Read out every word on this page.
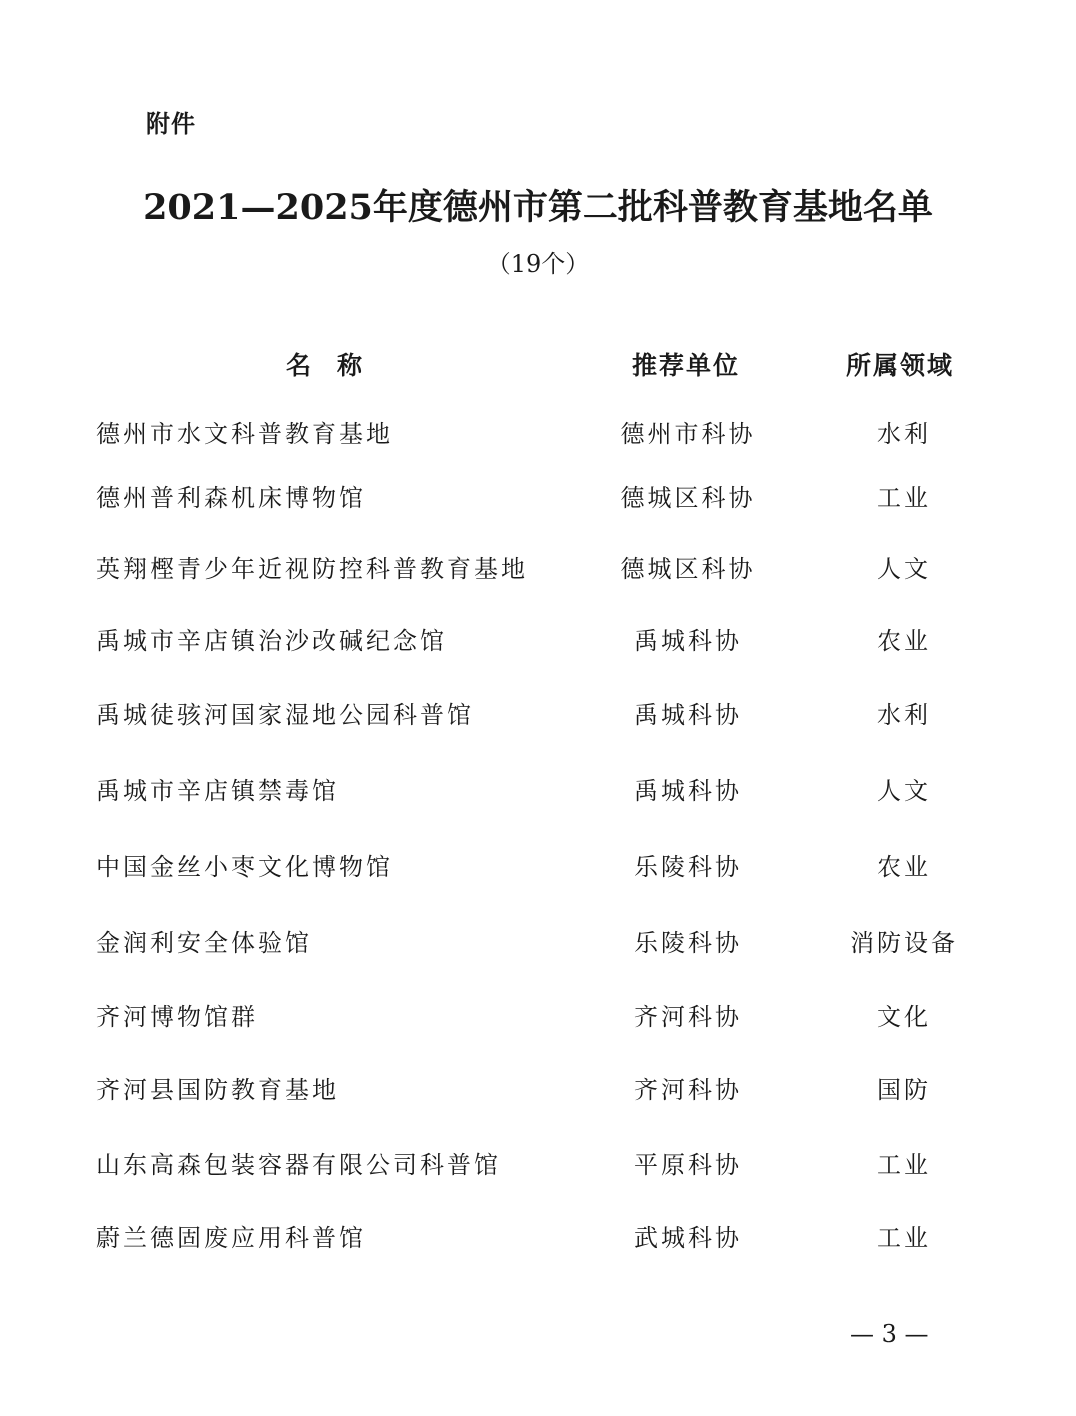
附件
2021—2025年度德州市第二批科普教育基地名单
（19个）
名称	推荐单位	所属领域
德州市水文科普教育基地	德州市科协	水利
德州普利森机床博物馆	德城区科协	工业
英翔樫青少年近视防控科普教育基地	德城区科协	人文
禹城市辛店镇治沙改碱纪念馆	禹城科协	农业
禹城徒骇河国家湿地公园科普馆	禹城科协	水利
禹城市辛店镇禁毒馆	禹城科协	人文
中国金丝小枣文化博物馆	乐陵科协	农业
金润利安全体验馆	乐陵科协	消防设备
齐河博物馆群	齐河科协	文化
齐河县国防教育基地	齐河科协	国防
山东高森包装容器有限公司科普馆	平原科协	工业
蔚兰德固废应用科普馆	武城科协	工业
— 3 —
